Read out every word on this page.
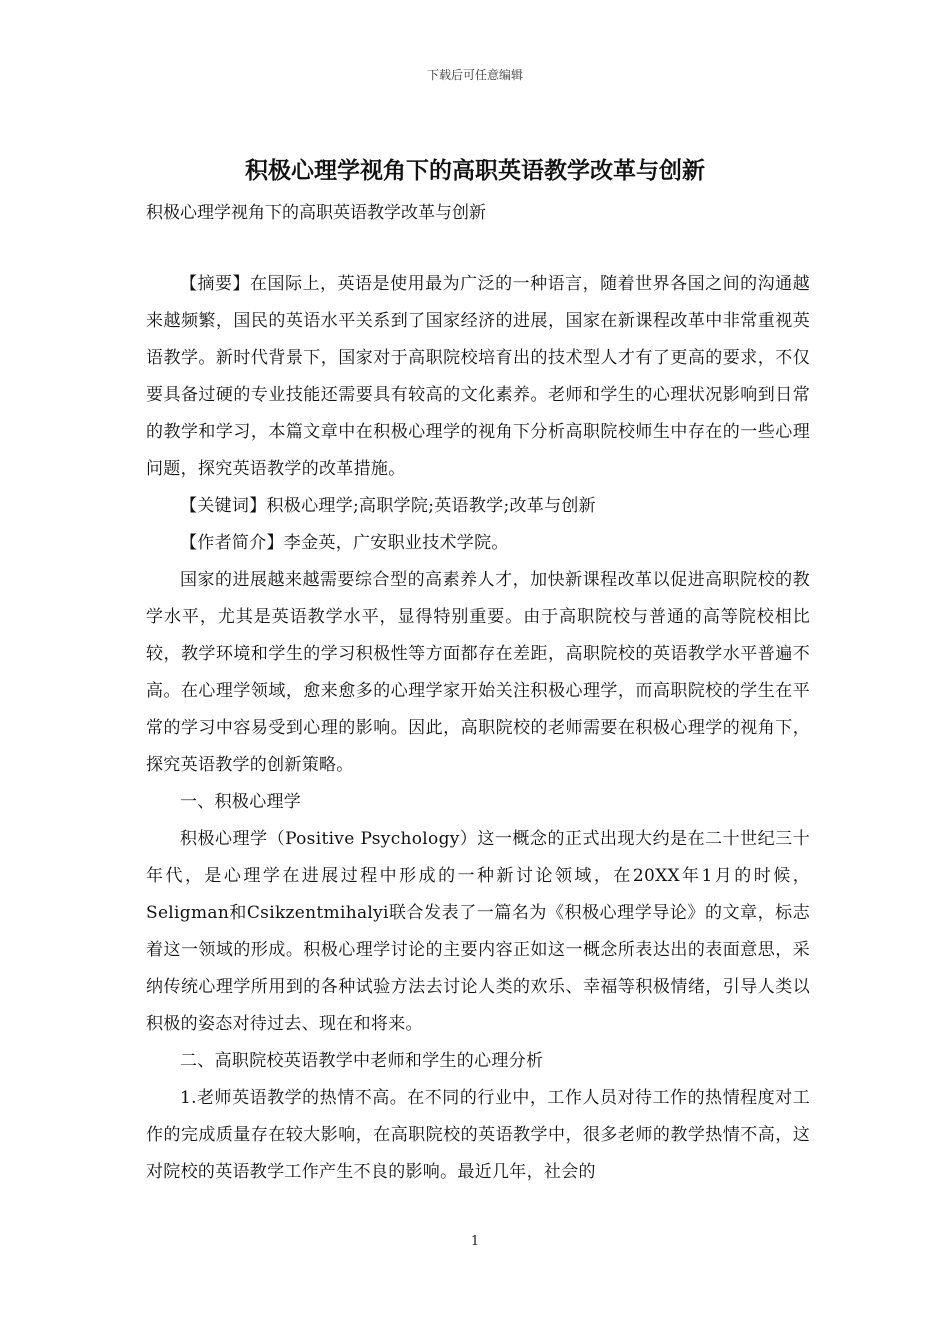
下载后可任意编辑
积极心理学视角下的高职英语教学改革与创新

积极心理学视角下的高职英语教学改革与创新

【摘要】在国际上，英语是使用最为广泛的一种语言，随着世界各国之间的沟通越来越频繁，国民的英语水平关系到了国家经济的进展，国家在新课程改革中非常重视英语教学。新时代背景下，国家对于高职院校培育出的技术型人才有了更高的要求，不仅要具备过硬的专业技能还需要具有较高的文化素养。老师和学生的心理状况影响到日常的教学和学习，本篇文章中在积极心理学的视角下分析高职院校师生中存在的一些心理问题，探究英语教学的改革措施。

【关键词】积极心理学;高职学院;英语教学;改革与创新

【作者简介】李金英，广安职业技术学院。

国家的进展越来越需要综合型的高素养人才，加快新课程改革以促进高职院校的教学水平，尤其是英语教学水平，显得特别重要。由于高职院校与普通的高等院校相比较，教学环境和学生的学习积极性等方面都存在差距，高职院校的英语教学水平普遍不高。在心理学领域，愈来愈多的心理学家开始关注积极心理学，而高职院校的学生在平常的学习中容易受到心理的影响。因此，高职院校的老师需要在积极心理学的视角下，探究英语教学的创新策略。

一、积极心理学

积极心理学（Positive Psychology）这一概念的正式出现大约是在二十世纪三十年代，是心理学在进展过程中形成的一种新讨论领域，在20XX年1月的时候，Seligman和Csikzentmihalyi联合发表了一篇名为《积极心理学导论》的文章，标志着这一领域的形成。积极心理学讨论的主要内容正如这一概念所表达出的表面意思，采纳传统心理学所用到的各种试验方法去讨论人类的欢乐、幸福等积极情绪，引导人类以积极的姿态对待过去、现在和将来。

二、高职院校英语教学中老师和学生的心理分析

1.老师英语教学的热情不高。在不同的行业中，工作人员对待工作的热情程度对工作的完成质量存在较大影响，在高职院校的英语教学中，很多老师的教学热情不高，这对院校的英语教学工作产生不良的影响。最近几年，社会的

1
